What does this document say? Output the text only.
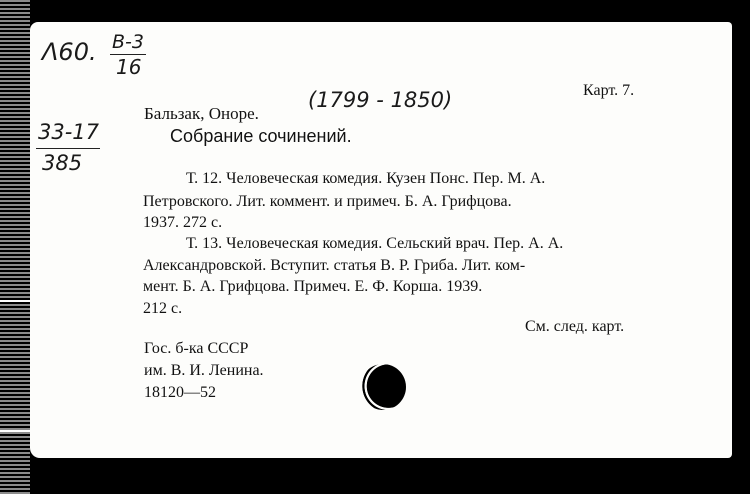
Λ60. В-3
16
33-17
385
Бальзак, Оноре.
(1799 - 1850)	Карт. 7.
Собрание сочинений.
Т. 12. Человеческая комедия. Кузен Понс. Пер. М. А.
Петровского. Лит. коммент. и примеч. Б. А. Грифцова.
1937. 272 с.
Т. 13. Человеческая комедия. Сельский врач. Пер. А. А.
Александровской. Вступит. статья В. Р. Гриба. Лит. ком-
мент. Б. А. Грифцова. Примеч. Е. Ф. Корша. 1939.
212 с.
См. след. карт.
Гос. б-ка СССР
им. В. И. Ленина.
18120—52
